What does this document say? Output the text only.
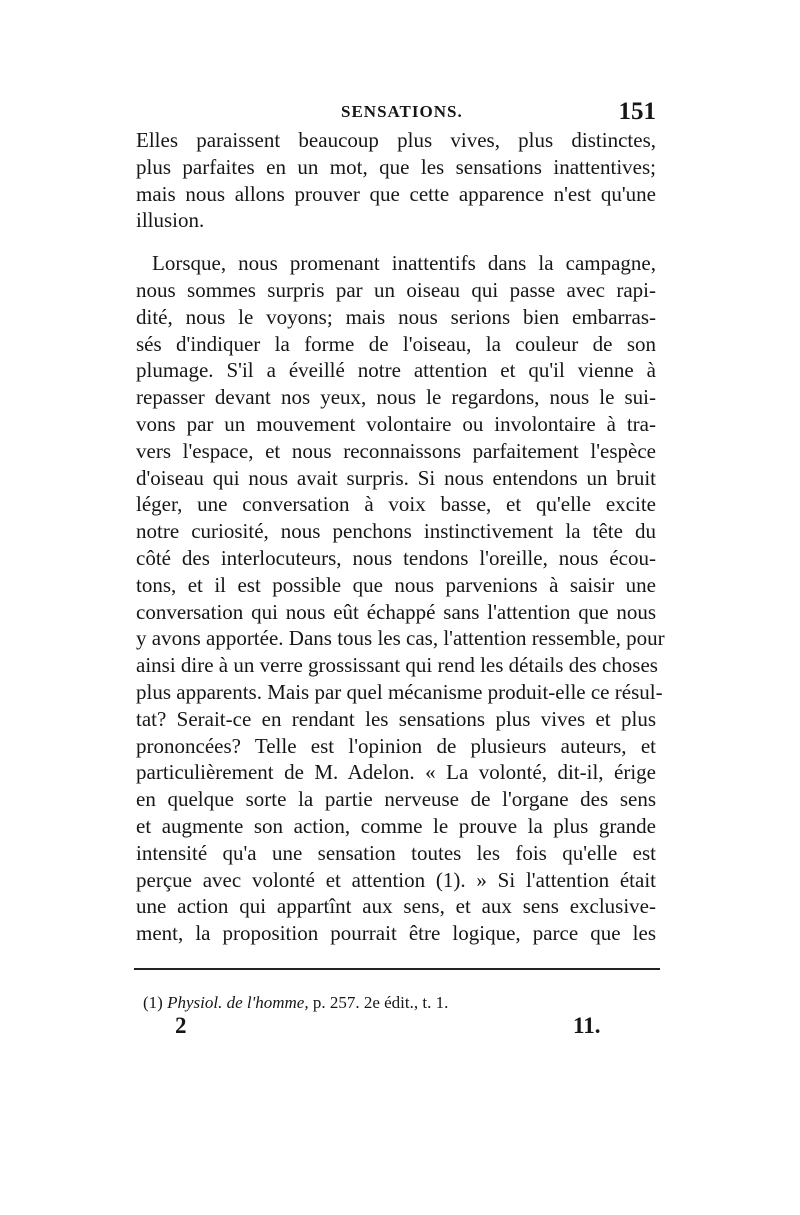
SENSATIONS.	151
Elles paraissent beaucoup plus vives, plus distinctes,
plus parfaites en un mot, que les sensations inattentives;
mais nous allons prouver que cette apparence n'est qu'une
illusion.
Lorsque, nous promenant inattentifs dans la campagne,
nous sommes surpris par un oiseau qui passe avec rapi-
dité, nous le voyons; mais nous serions bien embarras-
sés d'indiquer la forme de l'oiseau, la couleur de son
plumage. S'il a éveillé notre attention et qu'il vienne à
repasser devant nos yeux, nous le regardons, nous le sui-
vons par un mouvement volontaire ou involontaire à tra-
vers l'espace, et nous reconnaissons parfaitement l'espèce
d'oiseau qui nous avait surpris. Si nous entendons un bruit
léger, une conversation à voix basse, et qu'elle excite
notre curiosité, nous penchons instinctivement la tête du
côté des interlocuteurs, nous tendons l'oreille, nous écou-
tons, et il est possible que nous parvenions à saisir une
conversation qui nous eût échappé sans l'attention que nous
y avons apportée. Dans tous les cas, l'attention ressemble, pour
ainsi dire à un verre grossissant qui rend les détails des choses
plus apparents. Mais par quel mécanisme produit-elle ce résul-
tat? Serait-ce en rendant les sensations plus vives et plus
prononcées? Telle est l'opinion de plusieurs auteurs, et
particulièrement de M. Adelon. « La volonté, dit-il, érige
en quelque sorte la partie nerveuse de l'organe des sens
et augmente son action, comme le prouve la plus grande
intensité qu'a une sensation toutes les fois qu'elle est
perçue avec volonté et attention (1). » Si l'attention était
une action qui appartînt aux sens, et aux sens exclusive-
ment, la proposition pourrait être logique, parce que les
(1) Physiol. de l'homme, p. 257. 2e édit., t. 1.
2	11.
